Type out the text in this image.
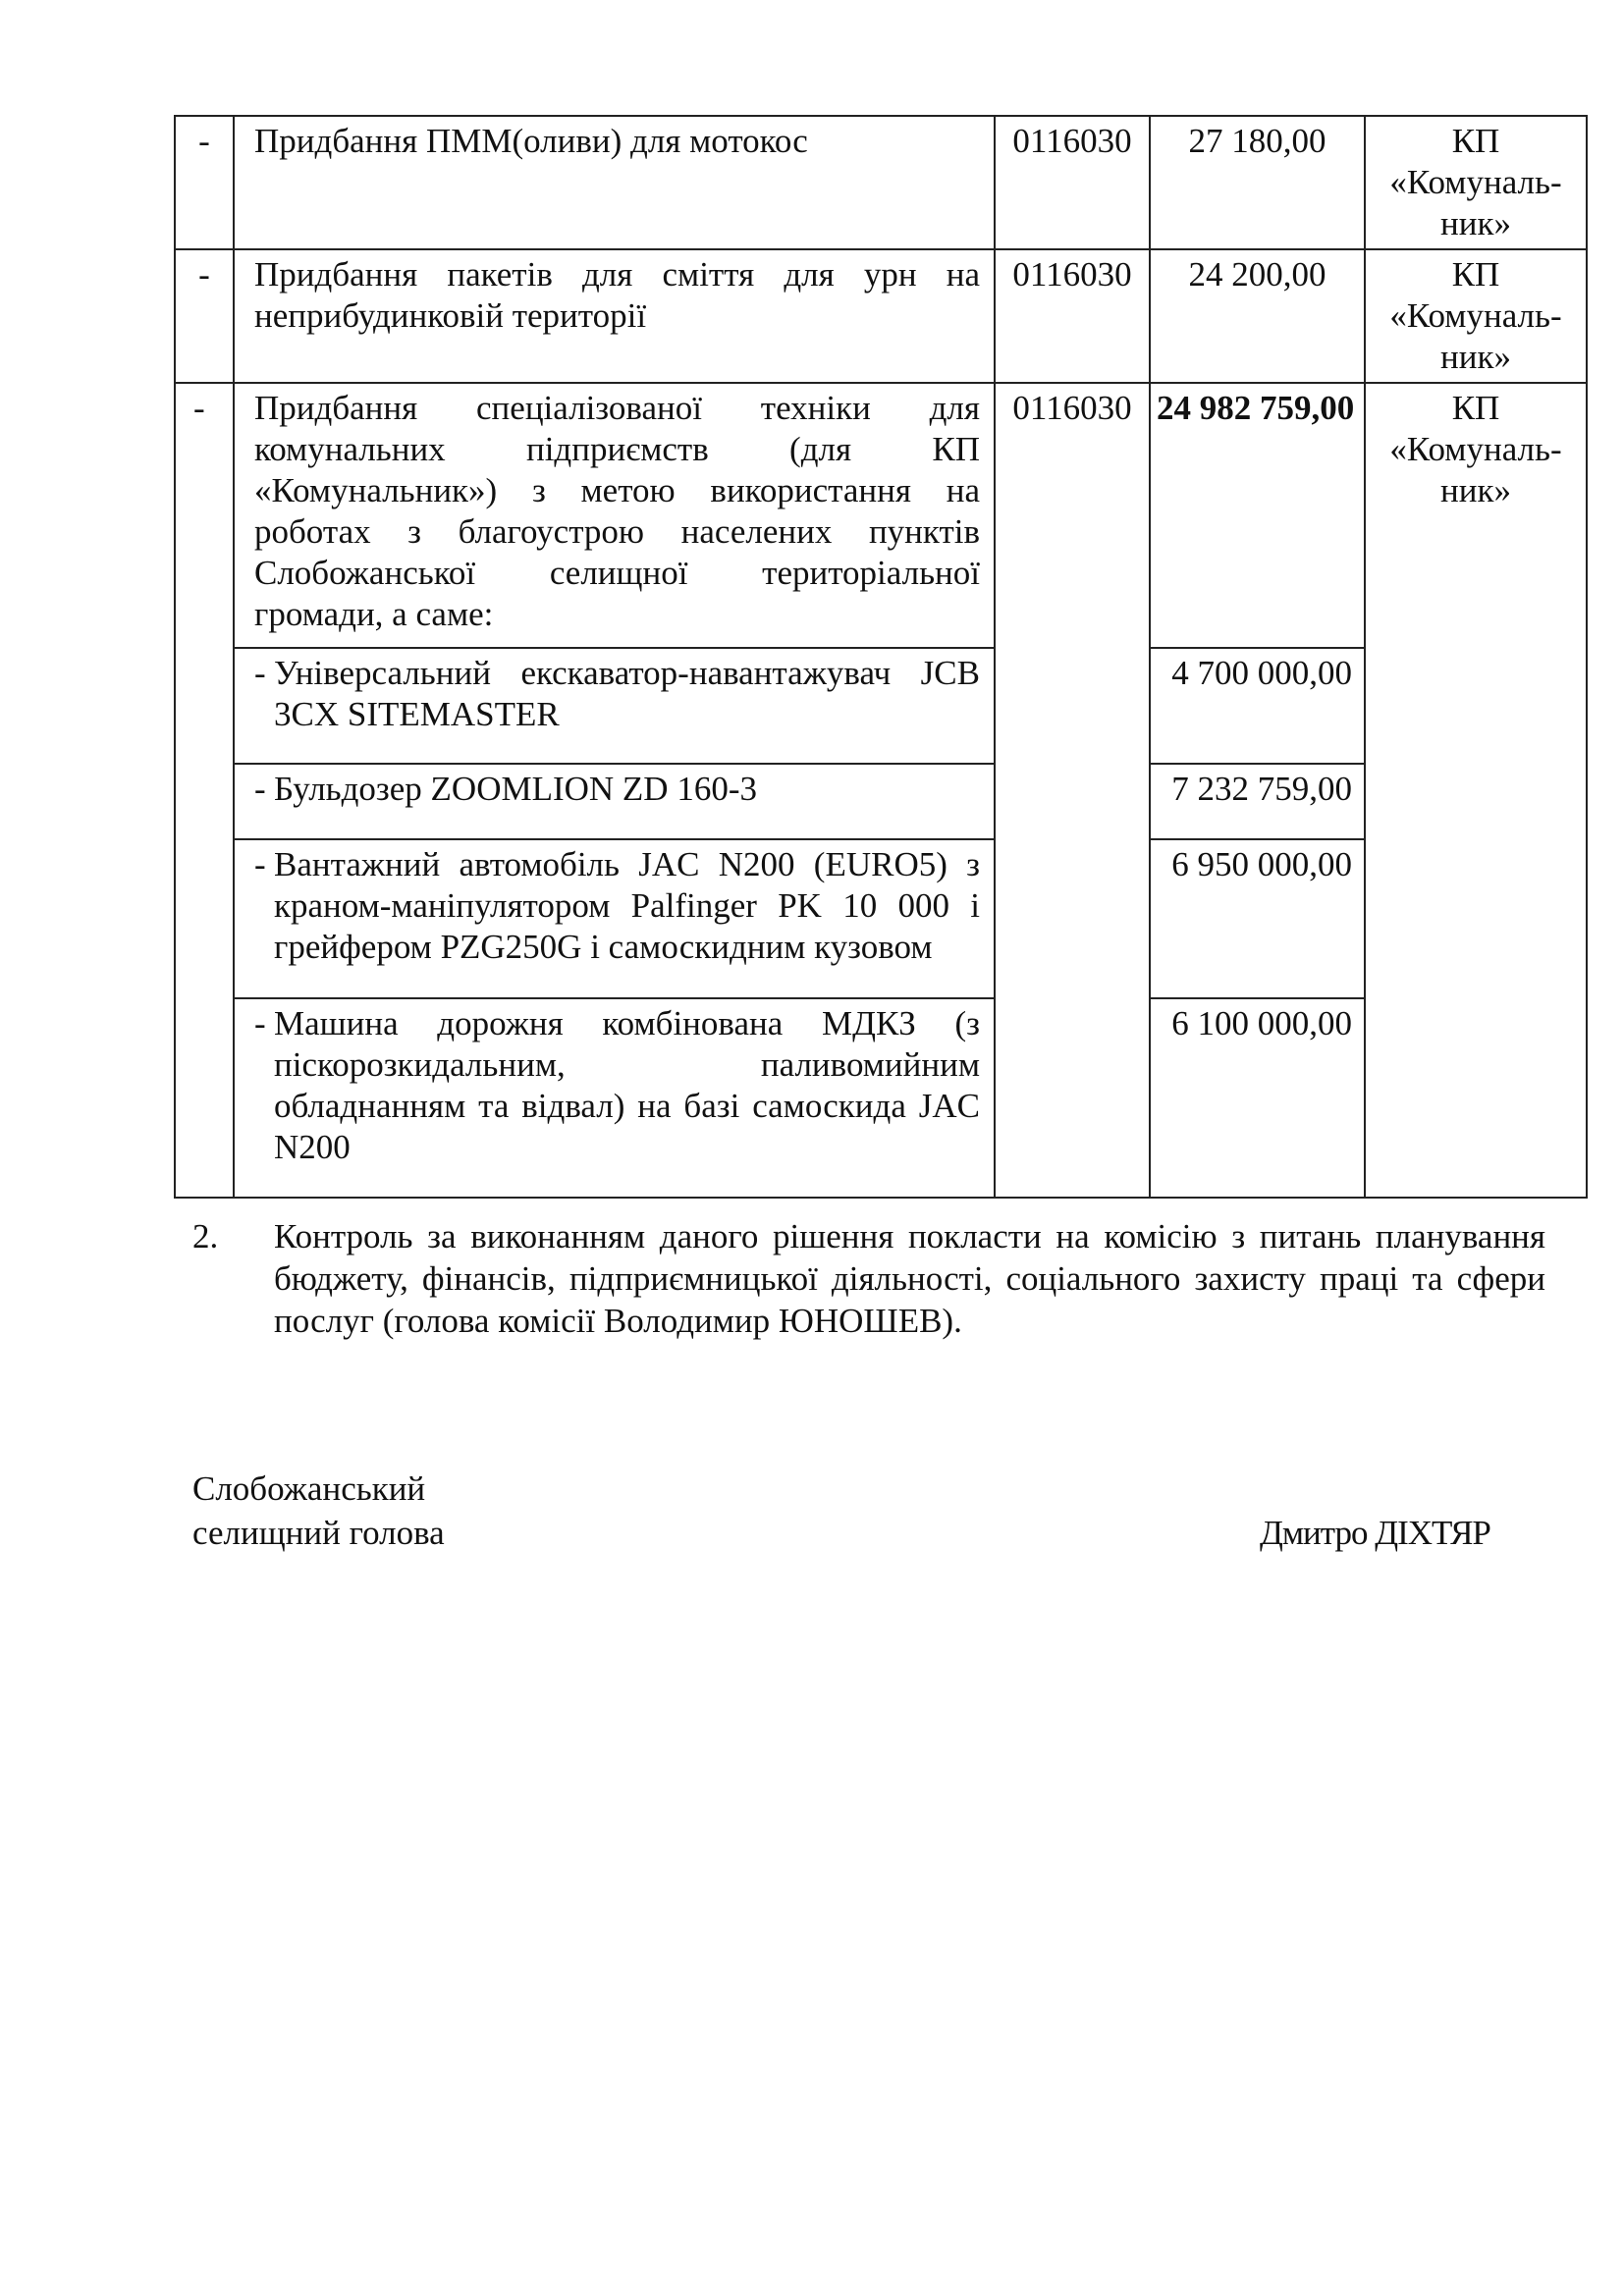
-	Придбання ПММ(оливи) для мотокос	0116030	27 180,00	КП «Комуналь-ник»
-	Придбання пакетів для сміття для урн на неприбудинковій території	0116030	24 200,00	КП «Комуналь-ник»
-	Придбання спеціалізованої техніки для комунальних підприємств (для КП «Комунальник») з метою використання на роботах з благоустрою населених пунктів Слобожанської селищної територіальної громади, а саме:	0116030	24 982 759,00	КП «Комуналь-ник»

	- Універсальний екскаватор-навантажувач JCB 3CX SITEMASTER		4 700 000,00	

	- Бульдозер ZOOMLION ZD 160-3		7 232 759,00	

	- Вантажний автомобіль JAC N200 (EURO5) з краном-маніпулятором Palfinger PK 10 000 і грейфером PZG250G і самоскидним кузовом		6 950 000,00	

	- Машина дорожня комбінована МДКЗ (з піскорозкидальним, паливомийним обладнанням та відвал) на базі самоскида JAC N200		6 100 000,00	
2. Контроль за виконанням даного рішення покласти на комісію з питань планування бюджету, фінансів, підприємницької діяльності, соціального захисту праці та сфери послуг (голова комісії Володимир ЮНОШЕВ).
Слобожанський
селищний голова	Дмитро ДІХТЯР
